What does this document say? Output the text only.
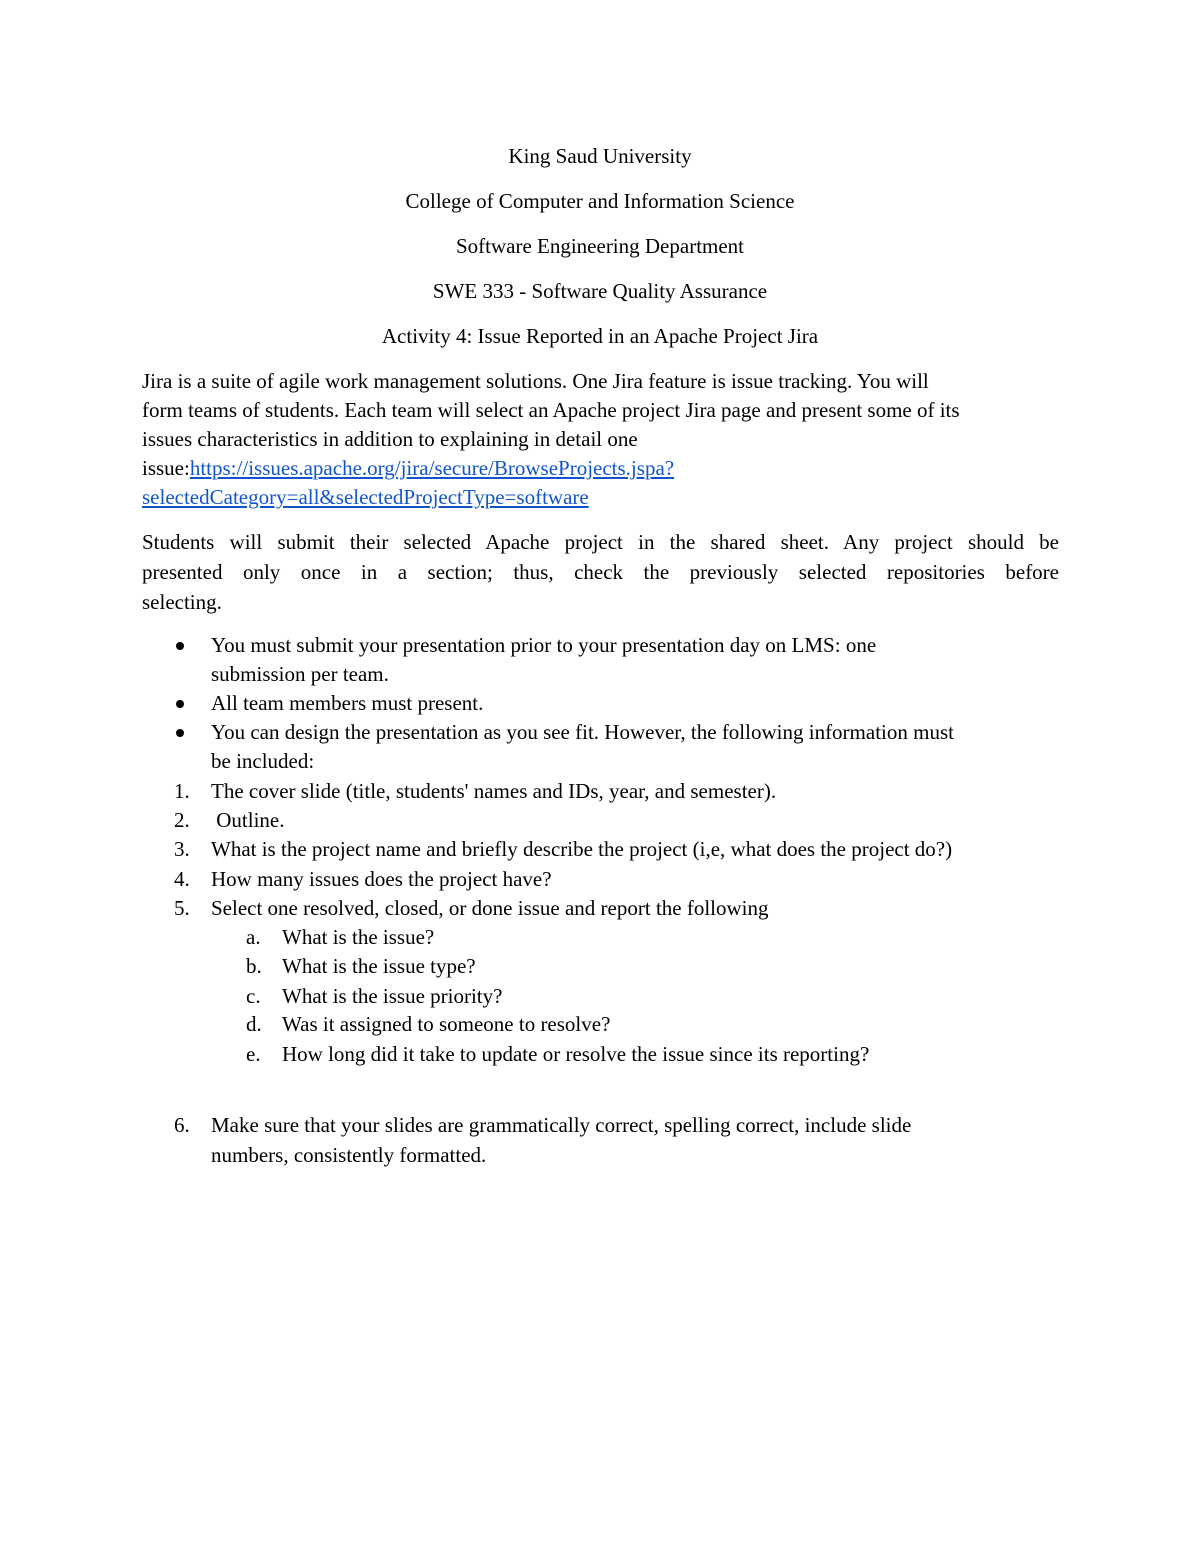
King Saud University
College of Computer and Information Science
Software Engineering Department
SWE 333 - Software Quality Assurance
Activity 4: Issue Reported in an Apache Project Jira
Jira is a suite of agile work management solutions. One Jira feature is issue tracking. You will
form teams of students. Each team will select an Apache project Jira page and present some of its
issues characteristics in addition to explaining in detail one
issue:https://issues.apache.org/jira/secure/BrowseProjects.jspa?
selectedCategory=all&selectedProjectType=software
Students will submit their selected Apache project in the shared sheet. Any project should be
presented only once in a section; thus, check the previously selected repositories before
selecting.
You must submit your presentation prior to your presentation day on LMS: one
submission per team.
All team members must present.
You can design the presentation as you see fit. However, the following information must
be included:
1. The cover slide (title, students' names and IDs, year, and semester).
2. Outline.
3. What is the project name and briefly describe the project (i,e, what does the project do?)
4. How many issues does the project have?
5. Select one resolved, closed, or done issue and report the following
a. What is the issue?
b. What is the issue type?
c. What is the issue priority?
d. Was it assigned to someone to resolve?
e. How long did it take to update or resolve the issue since its reporting?
6. Make sure that your slides are grammatically correct, spelling correct, include slide
numbers, consistently formatted.
